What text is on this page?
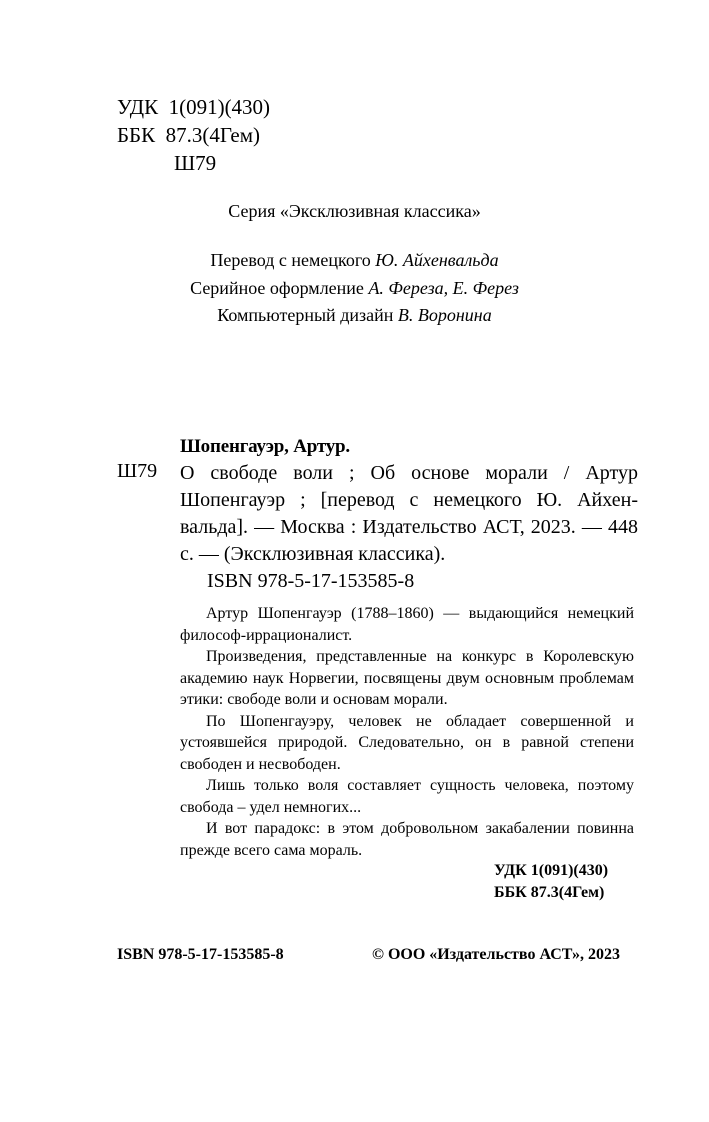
УДК 1(091)(430)
ББК 87.3(4Гем)
Ш79
Серия «Эксклюзивная классика»
Перевод с немецкого Ю. Айхенвальда
Серийное оформление А. Фереза, Е. Ферез
Компьютерный дизайн В. Воронина
Шопенгауэр, Артур.
Ш79 О свободе воли ; Об основе морали / Артур Шопенгауэр ; [перевод с немецкого Ю. Айхенвальда]. — Москва : Издательство АСТ, 2023. — 448 с. — (Эксклюзивная классика).
ISBN 978-5-17-153585-8

Артур Шопенгауэр (1788–1860) — выдающийся немецкий философ-иррационалист.

Произведения, представленные на конкурс в Королевскую академию наук Норвегии, посвящены двум основным проблемам этики: свободе воли и основам морали.

По Шопенгауэру, человек не обладает совершенной и устоявшейся природой. Следовательно, он в равной степени свободен и несвободен.

Лишь только воля составляет сущность человека, поэтому свобода – удел немногих...

И вот парадокс: в этом добровольном закабалении повинна прежде всего сама мораль.

УДК 1(091)(430)
ББК 87.3(4Гем)
ISBN 978-5-17-153585-8	© ООО «Издательство АСТ», 2023
